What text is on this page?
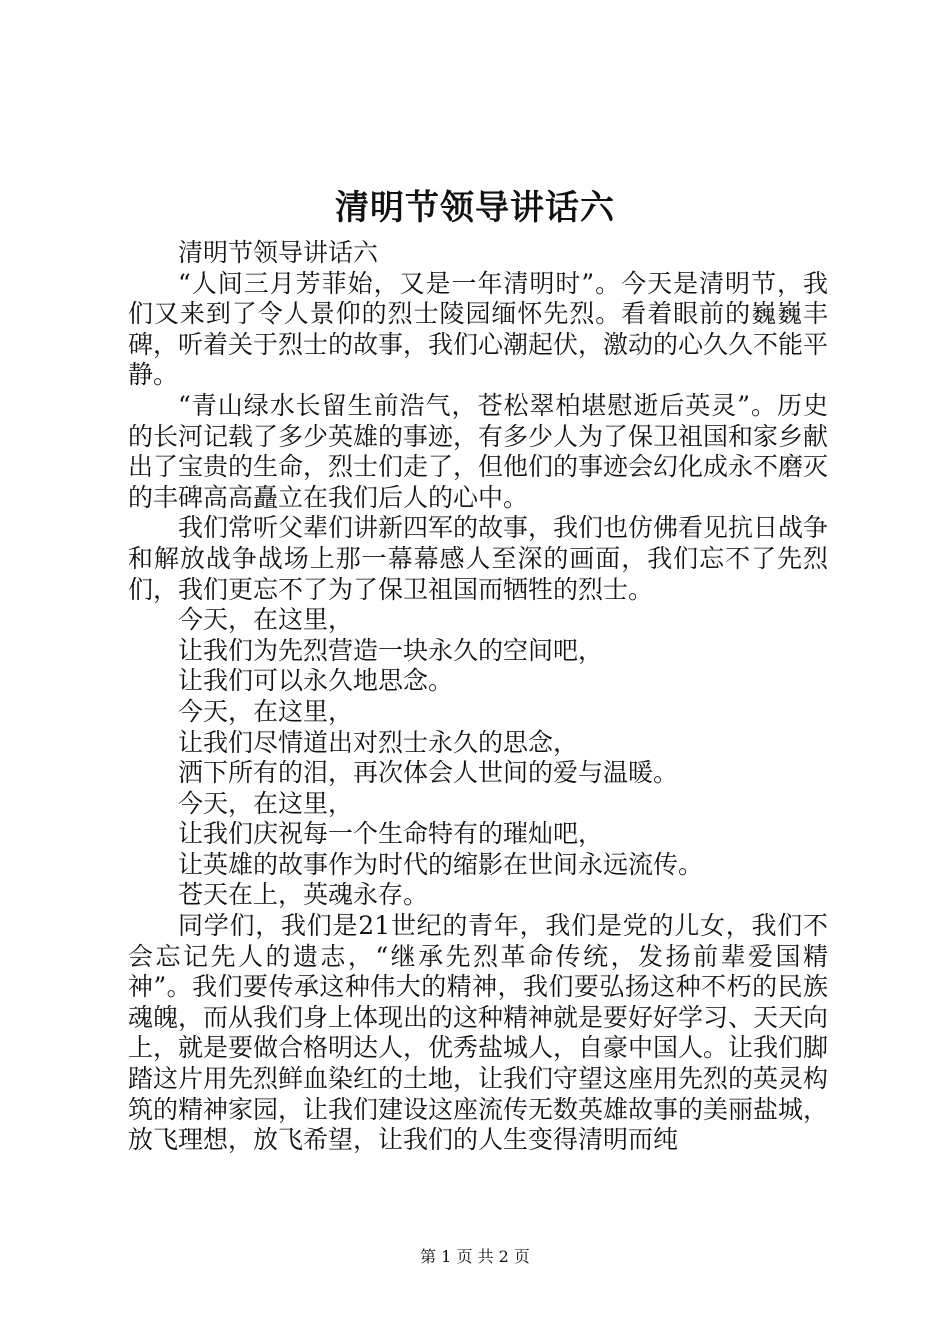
清明节领导讲话六

清明节领导讲话六

“人间三月芳菲始，又是一年清明时”。今天是清明节，我们又来到了令人景仰的烈士陵园缅怀先烈。看着眼前的巍巍丰碑，听着关于烈士的故事，我们心潮起伏，激动的心久久不能平静。

“青山绿水长留生前浩气，苍松翠柏堪慰逝后英灵”。历史的长河记载了多少英雄的事迹，有多少人为了保卫祖国和家乡献出了宝贵的生命，烈士们走了，但他们的事迹会幻化成永不磨灭的丰碑高高矗立在我们后人的心中。

我们常听父辈们讲新四军的故事，我们也仿佛看见抗日战争和解放战争战场上那一幕幕感人至深的画面，我们忘不了先烈们，我们更忘不了为了保卫祖国而牺牲的烈士。

今天，在这里，

让我们为先烈营造一块永久的空间吧，

让我们可以永久地思念。

今天，在这里，

让我们尽情道出对烈士永久的思念，

洒下所有的泪，再次体会人世间的爱与温暖。

今天，在这里，

让我们庆祝每一个生命特有的璀灿吧，

让英雄的故事作为时代的缩影在世间永远流传。

苍天在上，英魂永存。

同学们，我们是21世纪的青年，我们是党的儿女，我们不会忘记先人的遗志，“继承先烈革命传统，发扬前辈爱国精神”。我们要传承这种伟大的精神，我们要弘扬这种不朽的民族魂魄，而从我们身上体现出的这种精神就是要好好学习、天天向上，就是要做合格明达人，优秀盐城人，自豪中国人。让我们脚踏这片用先烈鲜血染红的土地，让我们守望这座用先烈的英灵构筑的精神家园，让我们建设这座流传无数英雄故事的美丽盐城，放飞理想，放飞希望，让我们的人生变得清明而纯

第 1 页 共 2 页
